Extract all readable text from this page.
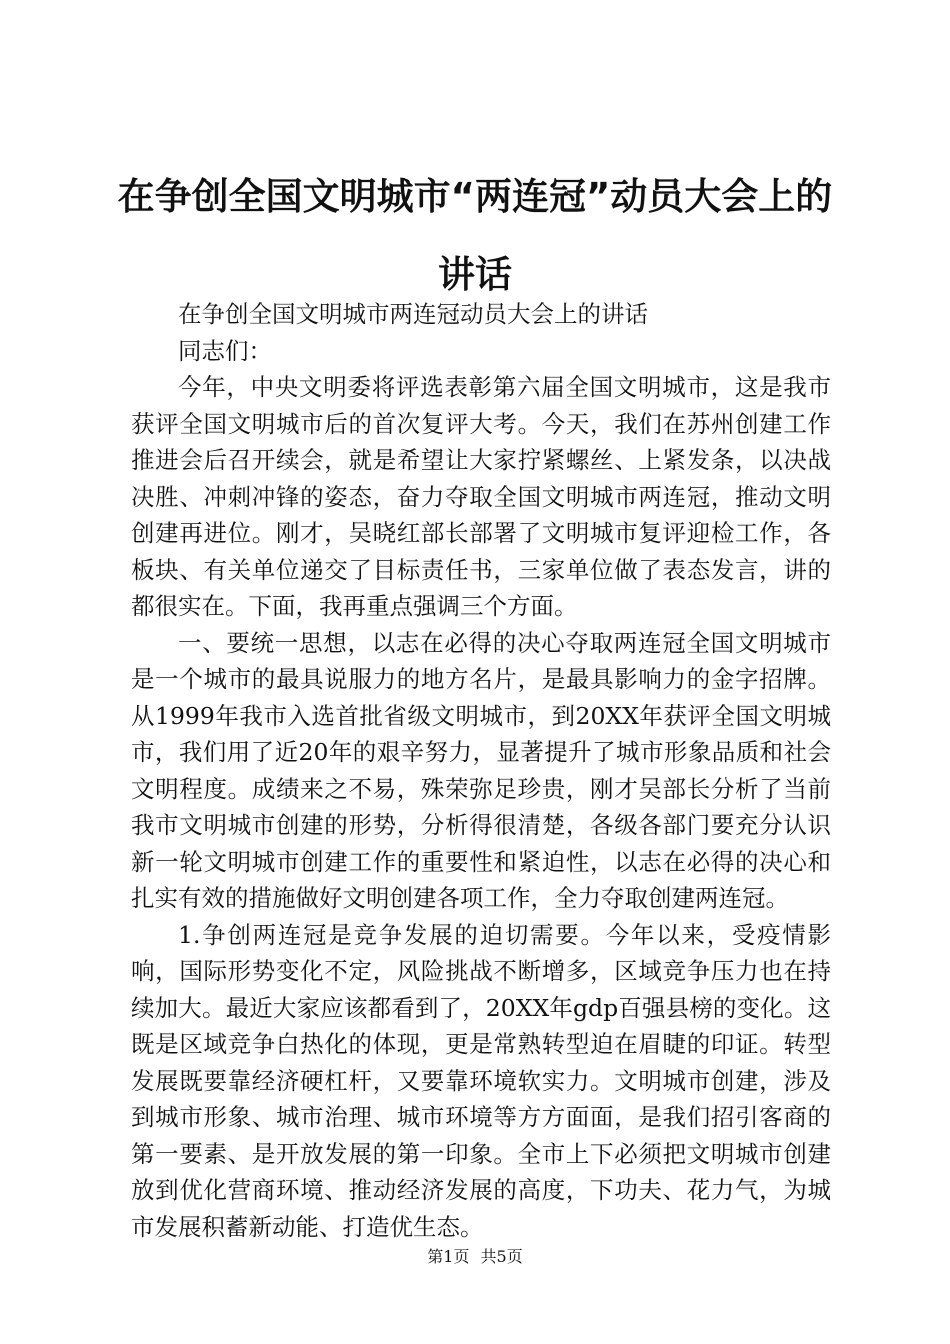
在争创全国文明城市“两连冠”动员大会上的
讲话

在争创全国文明城市两连冠动员大会上的讲话

同志们：

今年，中央文明委将评选表彰第六届全国文明城市，这是我市获评全国文明城市后的首次复评大考。今天，我们在苏州创建工作推进会后召开续会，就是希望让大家拧紧螺丝、上紧发条，以决战决胜、冲刺冲锋的姿态，奋力夺取全国文明城市两连冠，推动文明创建再进位。刚才，吴晓红部长部署了文明城市复评迎检工作，各板块、有关单位递交了目标责任书，三家单位做了表态发言，讲的都很实在。下面，我再重点强调三个方面。

一、要统一思想，以志在必得的决心夺取两连冠全国文明城市是一个城市的最具说服力的地方名片，是最具影响力的金字招牌。从1999年我市入选首批省级文明城市，到20XX年获评全国文明城市，我们用了近20年的艰辛努力，显著提升了城市形象品质和社会文明程度。成绩来之不易，殊荣弥足珍贵，刚才吴部长分析了当前我市文明城市创建的形势，分析得很清楚，各级各部门要充分认识新一轮文明城市创建工作的重要性和紧迫性，以志在必得的决心和扎实有效的措施做好文明创建各项工作，全力夺取创建两连冠。

1.争创两连冠是竞争发展的迫切需要。今年以来，受疫情影响，国际形势变化不定，风险挑战不断增多，区域竞争压力也在持续加大。最近大家应该都看到了，20XX年gdp百强县榜的变化。这既是区域竞争白热化的体现，更是常熟转型迫在眉睫的印证。转型发展既要靠经济硬杠杆，又要靠环境软实力。文明城市创建，涉及到城市形象、城市治理、城市环境等方方面面，是我们招引客商的第一要素、是开放发展的第一印象。全市上下必须把文明城市创建放到优化营商环境、推动经济发展的高度，下功夫、花力气，为城市发展积蓄新动能、打造优生态。

第1页 共5页
